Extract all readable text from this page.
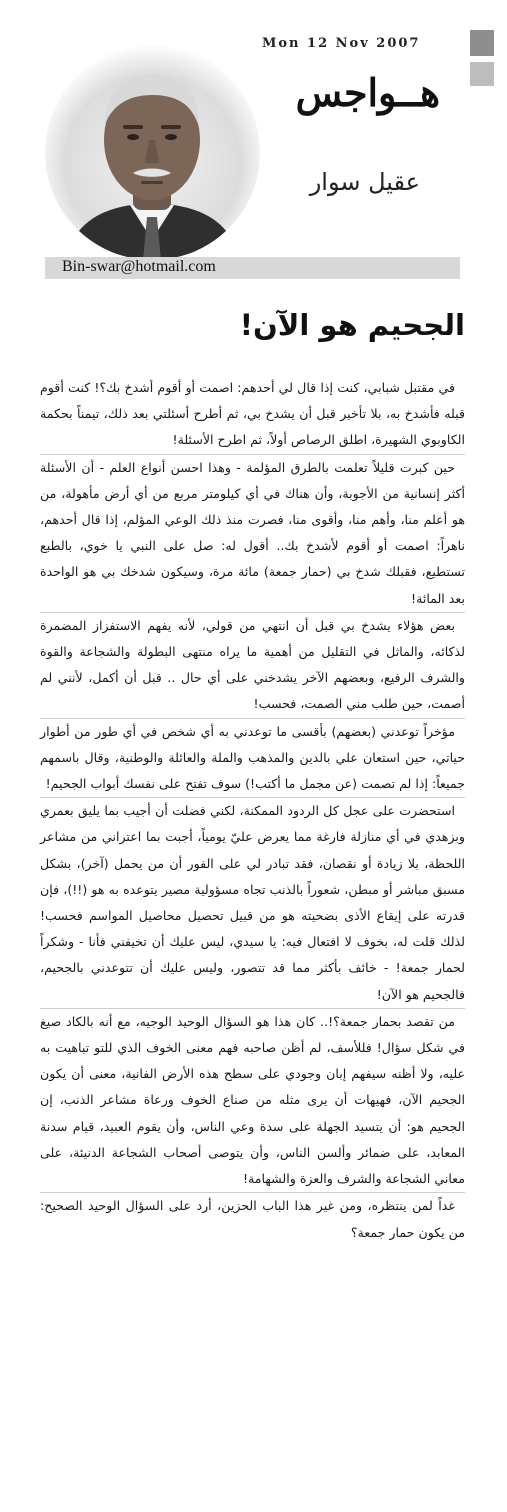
Mon 12 Nov 2007
هــواجس
عقيل سوار
Bin-swar@hotmail.com
الجحيم هو الآن!

في مقتبل شبابي، كنت إذا قال لي أحدهم: اصمت أو أقوم أشدخ بك؟! كنت أقوم قبله فأشدخ به، بلا تأخير قبل أن يشدخ بي، ثم أطرح أسئلتي بعد ذلك، تيمناً بحكمة الكاوبوي الشهيرة، اطلق الرصاص أولاً، ثم اطرح الأسئلة!

حين كبرت قليلاً تعلمت بالطرق المؤلمة - وهذا احسن أنواع العلم - أن الأسئلة أكثر إنسانية من الأجوبة، وأن هناك في أي كيلومتر مربع من أي أرض مأهولة، من هو أعلم منا، وأهم منا، وأقوى منا، فصرت منذ ذلك الوعي المؤلم، إذا قال أحدهم، ناهراً: اصمت أو أقوم لأشدخ بك.. أقول له: صل على النبي يا خوي، بالطبع تستطيع، فقبلك شدخ بي (حمار جمعة) مائة مرة، وسيكون شدخك بي هو الواحدة بعد المائة!

بعض هؤلاء يشدخ بي قبل أن انتهي من قولي، لأنه يفهم الاستفزاز المضمرة لذكائه، والماثل في التقليل من أهمية ما يراه منتهى البطولة والشجاعة والقوة والشرف الرفيع، وبعضهم الآخر يشدخني على أي حال .. قبل أن أكمل، لأنني لم أصمت، حين طلب مني الصمت، فحسب!

مؤخراً توعدني (بعضهم) بأقسى ما توعدني به أي شخص في أي طور من أطوار حياتي، حين استعان علي بالدين والمذهب والملة والعائلة والوطنية، وقال باسمهم جميعاً: إذا لم تصمت (عن مجمل ما أكتب!) سوف تفتح على نفسك أبواب الجحيم!

استحضرت على عجل كل الردود الممكنة، لكني فضلت أن أجيب بما يليق بعمري وبزهدي في أي منازلة فارغة مما يعرض عليّ يومياً، أجبت بما اعتراني من مشاعر اللحظة، بلا زيادة أو نقصان، فقد تبادر لي على الفور أن من يحمل (آخر)، بشكل مسبق مباشر أو مبطن، شعوراً بالذنب تجاه مسؤولية مصير يتوعده به هو (!!)، فإن قدرته على إيقاع الأذى بضحيته هو من قبيل تحصيل محاصيل المواسم فحسب! لذلك قلت له، بخوف لا افتعال فيه: يا سيدي، ليس عليك أن تخيفني فأنا - وشكراً لحمار جمعة! - خائف بأكثر مما قد تتصور، وليس عليك أن تتوعدني بالجحيم، فالجحيم هو الآن!

من تقصد بحمار جمعة؟!.. كان هذا هو السؤال الوحيد الوجيه، مع أنه بالكاد صيغ في شكل سؤال! فللأسف، لم أظن صاحبه فهم معنى الخوف الذي للتو تباهيت به عليه، ولا أظنه سيفهم إبان وجودي على سطح هذه الأرض الفانية، معنى أن يكون الجحيم الآن، فهيهات أن يرى مثله من صناع الخوف ورعاة مشاعر الذنب، إن الجحيم هو: أن يتسيد الجهلة على سدة وعي الناس، وأن يقوم العبيد، قيام سدنة المعابد، على ضمائر وألسن الناس، وأن يتوصى أصحاب الشجاعة الدنيئة، على معاني الشجاعة والشرف والعزة والشهامة!

غداً لمن ينتظره، ومن غير هذا الباب الحزين، أرد على السؤال الوحيد الصحيح: من يكون حمار جمعة؟
